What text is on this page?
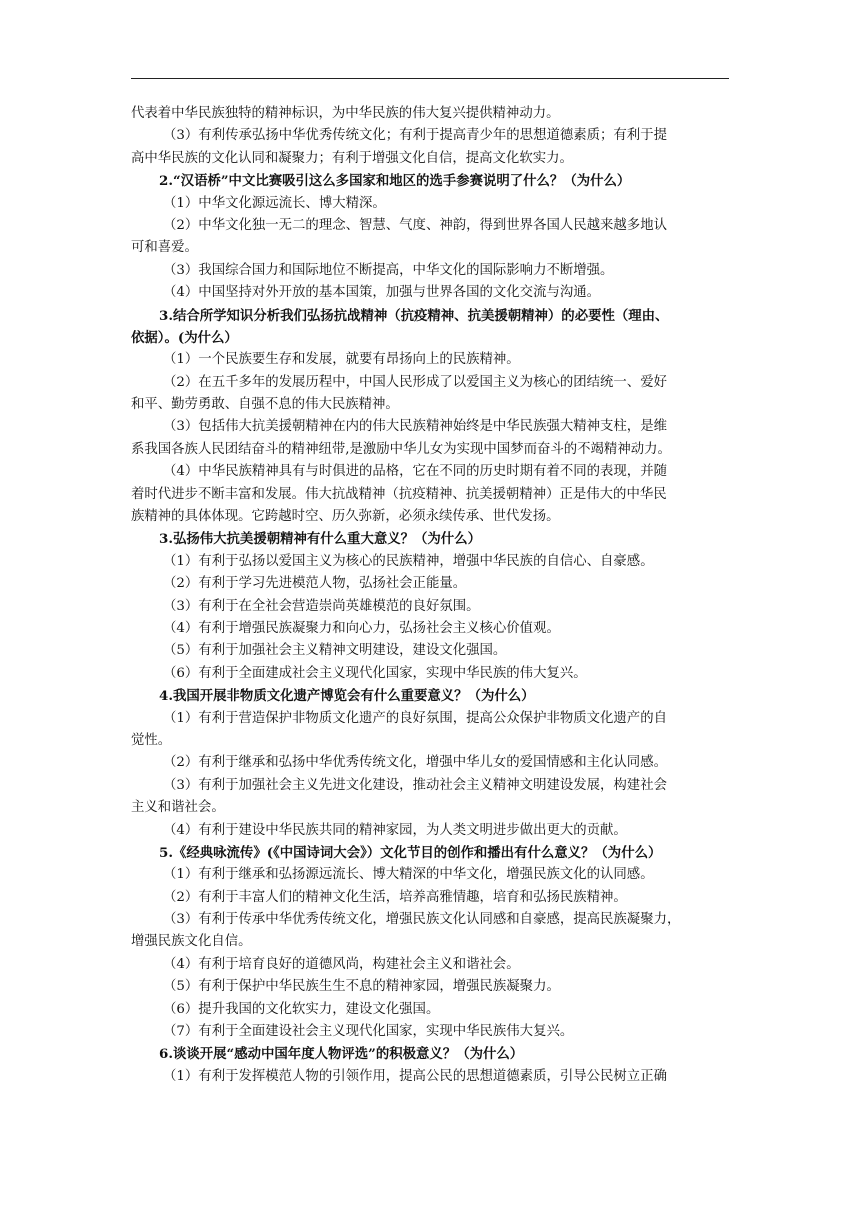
代表着中华民族独特的精神标识，为中华民族的伟大复兴提供精神动力。
（3）有利传承弘扬中华优秀传统文化；有利于提高青少年的思想道德素质；有利于提
高中华民族的文化认同和凝聚力；有利于增强文化自信，提高文化软实力。
2.“汉语桥”中文比赛吸引这么多国家和地区的选手参赛说明了什么？（为什么）
（1）中华文化源远流长、博大精深。
（2）中华文化独一无二的理念、智慧、气度、神韵，得到世界各国人民越来越多地认
可和喜爱。
（3）我国综合国力和国际地位不断提高，中华文化的国际影响力不断增强。
（4）中国坚持对外开放的基本国策，加强与世界各国的文化交流与沟通。
3.结合所学知识分析我们弘扬抗战精神（抗疫精神、抗美援朝精神）的必要性（理由、
依据）。(为什么）
（1）一个民族要生存和发展，就要有昂扬向上的民族精神。
（2）在五千多年的发展历程中，中国人民形成了以爱国主义为核心的团结统一、爱好
和平、勤劳勇敢、自强不息的伟大民族精神。
（3）包括伟大抗美援朝精神在内的伟大民族精神始终是中华民族强大精神支柱，是维
系我国各族人民团结奋斗的精神纽带,是激励中华儿女为实现中国梦而奋斗的不竭精神动力。
（4）中华民族精神具有与时俱进的品格，它在不同的历史时期有着不同的表现，并随
着时代进步不断丰富和发展。伟大抗战精神（抗疫精神、抗美援朝精神）正是伟大的中华民
族精神的具体体现。它跨越时空、历久弥新，必须永续传承、世代发扬。
3.弘扬伟大抗美援朝精神有什么重大意义？（为什么）
（1）有利于弘扬以爱国主义为核心的民族精神，增强中华民族的自信心、自豪感。
（2）有利于学习先进模范人物，弘扬社会正能量。
（3）有利于在全社会营造崇尚英雄模范的良好氛围。
（4）有利于增强民族凝聚力和向心力，弘扬社会主义核心价值观。
（5）有利于加强社会主义精神文明建设，建设文化强国。
（6）有利于全面建成社会主义现代化国家，实现中华民族的伟大复兴。
4.我国开展非物质文化遗产博览会有什么重要意义？（为什么）
（1）有利于营造保护非物质文化遗产的良好氛围，提高公众保护非物质文化遗产的自
觉性。
（2）有利于继承和弘扬中华优秀传统文化，增强中华儿女的爱国情感和主化认同感。
（3）有利于加强社会主义先进文化建设，推动社会主义精神文明建设发展，构建社会
主义和谐社会。
（4）有利于建设中华民族共同的精神家园，为人类文明进步做出更大的贡献。
5.《经典咏流传》(《中国诗词大会》）文化节目的创作和播出有什么意义？（为什么）
（1）有利于继承和弘扬源远流长、博大精深的中华文化，增强民族文化的认同感。
（2）有利于丰富人们的精神文化生活，培养高雅情趣，培育和弘扬民族精神。
（3）有利于传承中华优秀传统文化，增强民族文化认同感和自豪感，提高民族凝聚力，
增强民族文化自信。
（4）有利于培育良好的道德风尚，构建社会主义和谐社会。
（5）有利于保护中华民族生生不息的精神家园，增强民族凝聚力。
（6）提升我国的文化软实力，建设文化强国。
（7）有利于全面建设社会主义现代化国家，实现中华民族伟大复兴。
6.谈谈开展“感动中国年度人物评选”的积极意义？（为什么）
（1）有利于发挥模范人物的引领作用，提高公民的思想道德素质，引导公民树立正确
